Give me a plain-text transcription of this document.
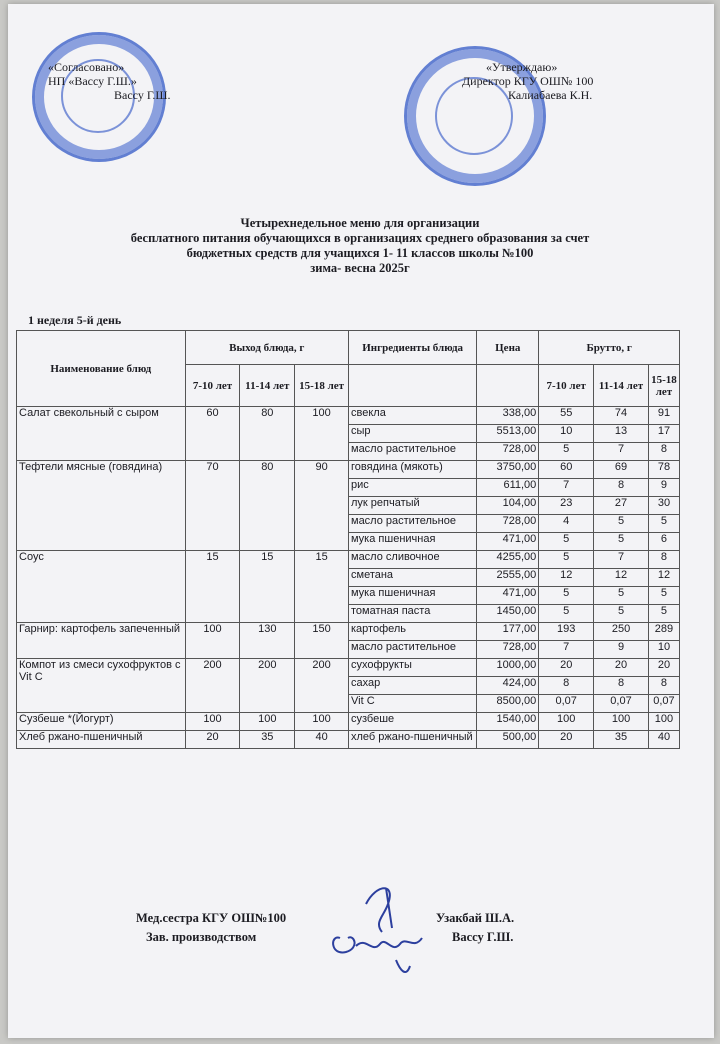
«Согласовано»
НП «Вассу Г.Ш.»
Вассу Г.Ш.
«Утверждаю»
Директор КГУ ОШ№ 100
Калиабаева К.Н.
Четырехнедельное меню для организации
бесплатного питания обучающихся в организациях среднего образования за счет
бюджетных средств для учащихся 1- 11 классов школы №100
зима- весна 2025г
1 неделя 5-й день
Наименование блюд	Выход блюда, г			Ингредиенты блюда	Цена	Брутто, г		
	7-10 лет	11-14 лет	15-18 лет			7-10 лет	11-14 лет	15-18 лет
Салат свекольный с сыром	60	80	100	свекла	338,00	55	74	91
				сыр	5513,00	10	13	17
				масло растительное	728,00	5	7	8
Тефтели мясные (говядина)	70	80	90	говядина (мякоть)	3750,00	60	69	78
				рис	611,00	7	8	9
				лук репчатый	104,00	23	27	30
				масло растительное	728,00	4	5	5
				мука пшеничная	471,00	5	5	6
Соус	15	15	15	масло сливочное	4255,00	5	7	8
				сметана	2555,00	12	12	12
				мука пшеничная	471,00	5	5	5
				томатная паста	1450,00	5	5	5
Гарнир: картофель запеченный	100	130	150	картофель	177,00	193	250	289
				масло растительное	728,00	7	9	10
Компот из смеси сухофруктов с Vit C	200	200	200	сухофрукты	1000,00	20	20	20
				сахар	424,00	8	8	8
				Vit C	8500,00	0,07	0,07	0,07
Сузбеше *(Йогурт)	100	100	100	сузбеше	1540,00	100	100	100
Хлеб ржано-пшеничный	20	35	40	хлеб ржано-пшеничный	500,00	20	35	40
Мед.сестра КГУ ОШ№100	Узакбай Ш.А.
Зав. производством	Вассу Г.Ш.
